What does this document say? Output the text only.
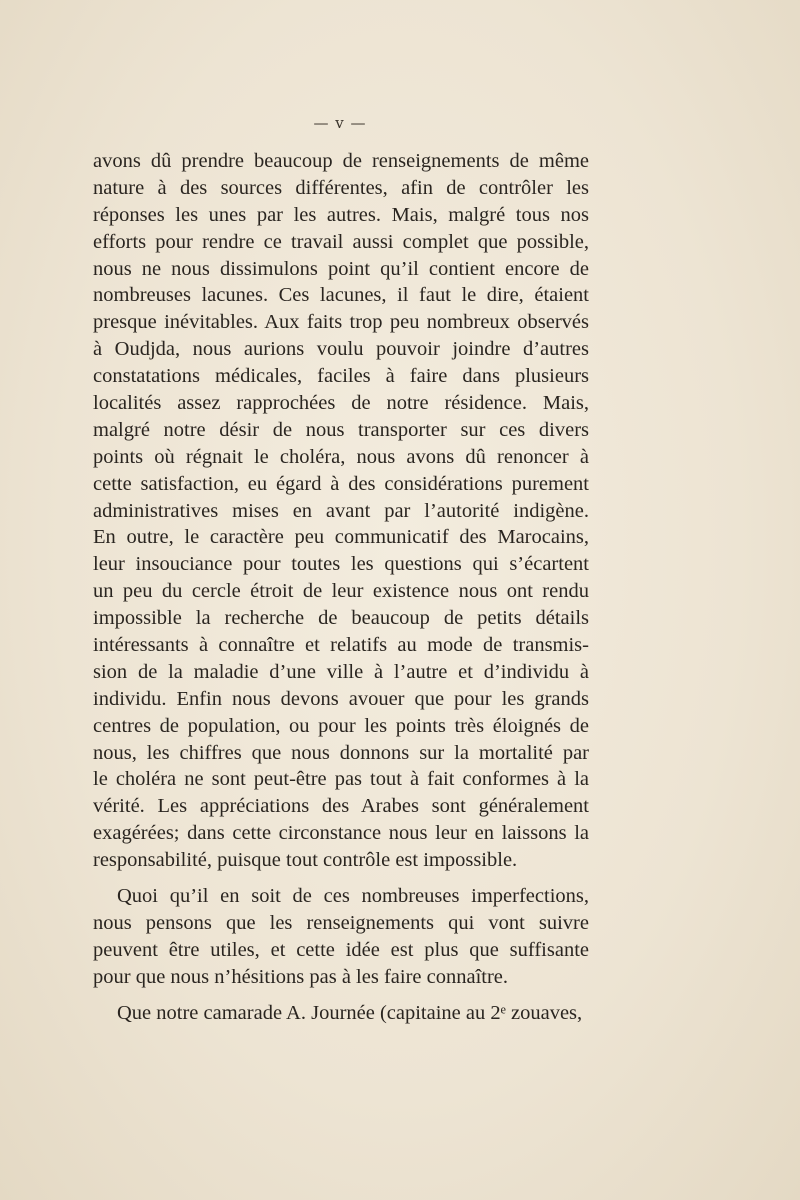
— v —
avons dû prendre beaucoup de renseignements de même
nature à des sources différentes, afin de contrôler les
réponses les unes par les autres. Mais, malgré tous nos
efforts pour rendre ce travail aussi complet que possible,
nous ne nous dissimulons point qu’il contient encore de
nombreuses lacunes. Ces lacunes, il faut le dire, étaient
presque inévitables. Aux faits trop peu nombreux observés
à Oudjda, nous aurions voulu pouvoir joindre d’autres
constatations médicales, faciles à faire dans plusieurs
localités assez rapprochées de notre résidence. Mais,
malgré notre désir de nous transporter sur ces divers
points où régnait le choléra, nous avons dû renoncer à
cette satisfaction, eu égard à des considérations purement
administratives mises en avant par l’autorité indigène.
En outre, le caractère peu communicatif des Marocains,
leur insouciance pour toutes les questions qui s’écartent
un peu du cercle étroit de leur existence nous ont rendu
impossible la recherche de beaucoup de petits détails
intéressants à connaître et relatifs au mode de transmis-
sion de la maladie d’une ville à l’autre et d’individu à
individu. Enfin nous devons avouer que pour les grands
centres de population, ou pour les points très éloignés de
nous, les chiffres que nous donnons sur la mortalité par
le choléra ne sont peut-être pas tout à fait conformes à la
vérité. Les appréciations des Arabes sont généralement
exagérées; dans cette circonstance nous leur en laissons la
responsabilité, puisque tout contrôle est impossible.
Quoi qu’il en soit de ces nombreuses imperfections,
nous pensons que les renseignements qui vont suivre
peuvent être utiles, et cette idée est plus que suffisante
pour que nous n’hésitions pas à les faire connaître.
Que notre camarade A. Journée (capitaine au 2ᵉ zouaves,
